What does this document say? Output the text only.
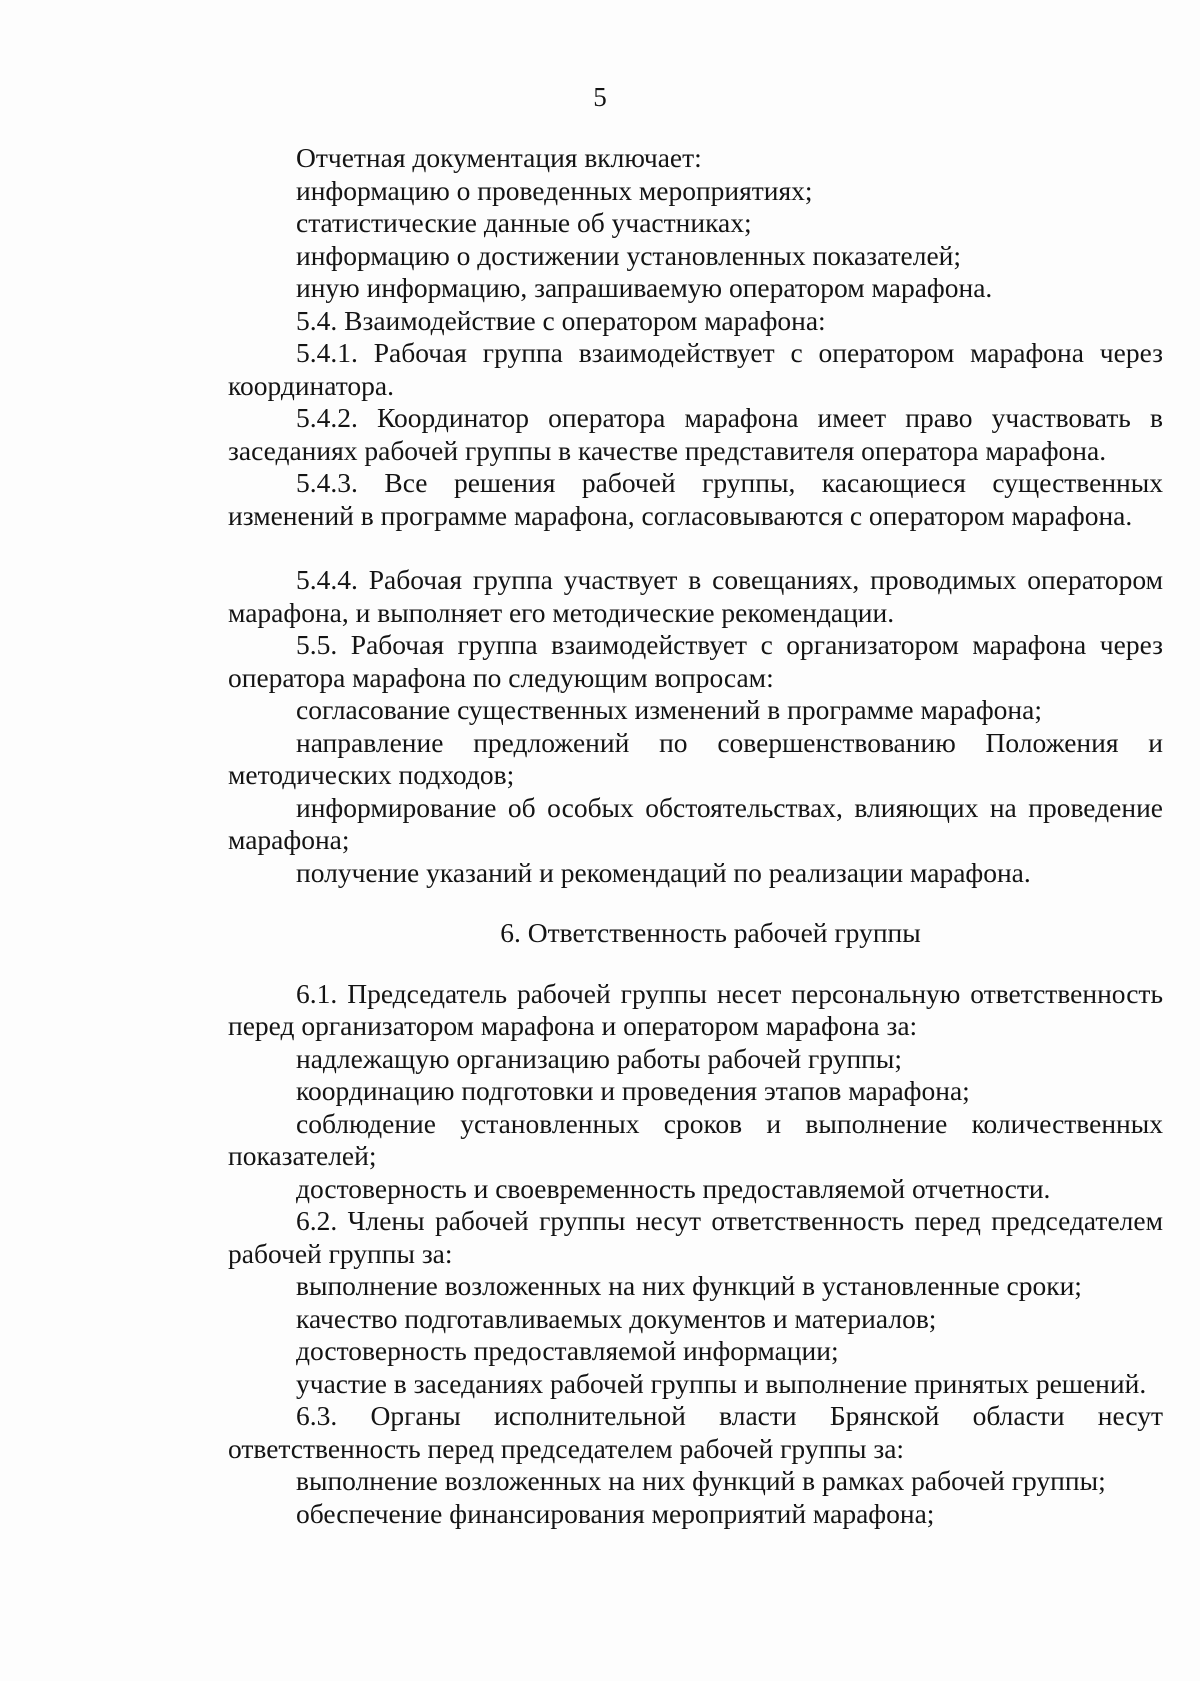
5
Отчетная документация включает:
информацию о проведенных мероприятиях;
статистические данные об участниках;
информацию о достижении установленных показателей;
иную информацию, запрашиваемую оператором марафона.
5.4. Взаимодействие с оператором марафона:
5.4.1. Рабочая группа взаимодействует с оператором марафона через координатора.
5.4.2. Координатор оператора марафона имеет право участвовать в заседаниях рабочей группы в качестве представителя оператора марафона.
5.4.3. Все решения рабочей группы, касающиеся существенных изменений в программе марафона, согласовываются с оператором марафона.
5.4.4. Рабочая группа участвует в совещаниях, проводимых оператором марафона, и выполняет его методические рекомендации.
5.5. Рабочая группа взаимодействует с организатором марафона через оператора марафона по следующим вопросам:
согласование существенных изменений в программе марафона;
направление предложений по совершенствованию Положения и методических подходов;
информирование об особых обстоятельствах, влияющих на проведение марафона;
получение указаний и рекомендаций по реализации марафона.
6. Ответственность рабочей группы
6.1. Председатель рабочей группы несет персональную ответственность перед организатором марафона и оператором марафона за:
надлежащую организацию работы рабочей группы;
координацию подготовки и проведения этапов марафона;
соблюдение установленных сроков и выполнение количественных показателей;
достоверность и своевременность предоставляемой отчетности.
6.2. Члены рабочей группы несут ответственность перед председателем рабочей группы за:
выполнение возложенных на них функций в установленные сроки;
качество подготавливаемых документов и материалов;
достоверность предоставляемой информации;
участие в заседаниях рабочей группы и выполнение принятых решений.
6.3. Органы исполнительной власти Брянской области несут ответственность перед председателем рабочей группы за:
выполнение возложенных на них функций в рамках рабочей группы;
обеспечение финансирования мероприятий марафона;
